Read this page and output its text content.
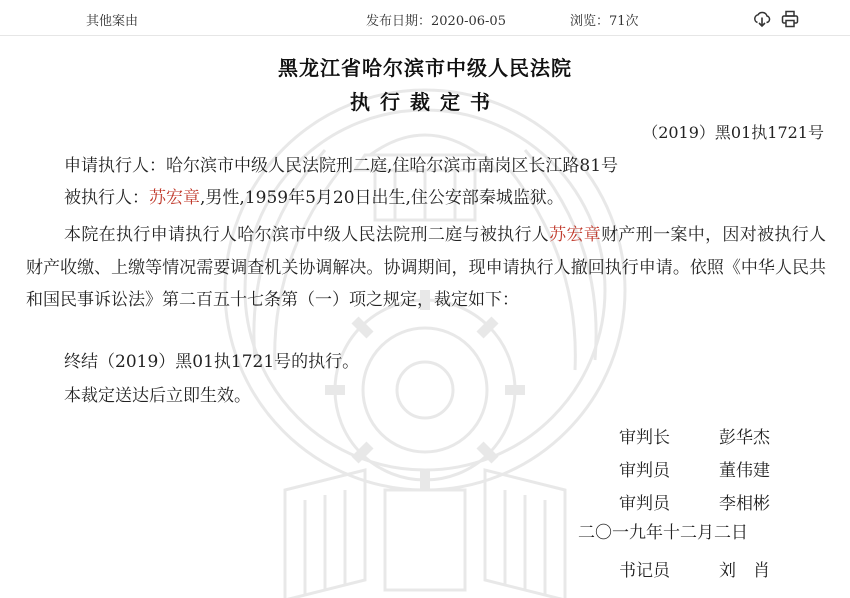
其他案由	发布日期：2020-06-05	浏览：71次
黑龙江省哈尔滨市中级人民法院
执行裁定书
（2019）黑01执1721号
申请执行人：哈尔滨市中级人民法院刑二庭,住哈尔滨市南岗区长江路81号
被执行人：苏宏章,男性,1959年5月20日出生,住公安部秦城监狱。
本院在执行申请执行人哈尔滨市中级人民法院刑二庭与被执行人苏宏章财产刑一案中，因对被执行人财产收缴、上缴等情况需要调查机关协调解决。协调期间，现申请执行人撤回执行申请。依照《中华人民共和国民事诉讼法》第二百五十七条第（一）项之规定，裁定如下：
终结（2019）黑01执1721号的执行。
本裁定送达后立即生效。
审判长	彭华杰
审判员	董伟建
审判员	李相彬
二〇一九年十二月二日
书记员	刘　肖
